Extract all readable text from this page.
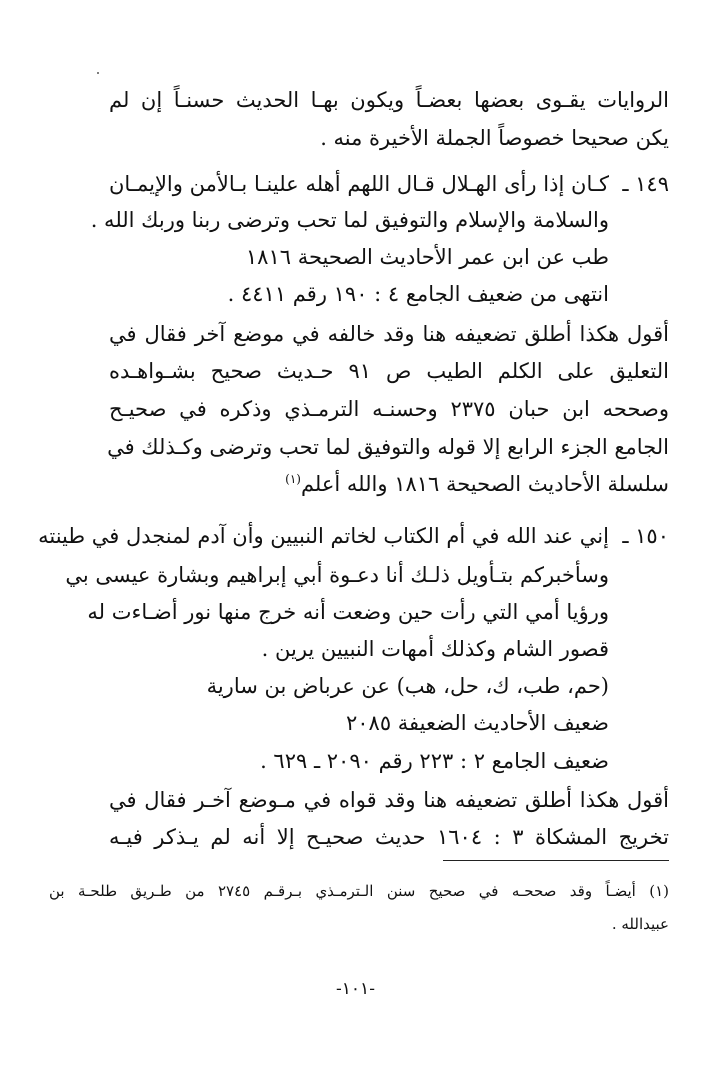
الروايات يقـوى بعضها بعضـاً ويكون بهـا الحديث حسنـاً إن لم
يكن صحيحا خصوصاً الجملة الأخيرة منه .
١٤٩ ـ
كـان إذا رأى الهـلال قـال اللهم أهله علينـا بـالأمن والإيمـان
والسلامة والإسلام والتوفيق لما تحب وترضى ربنا وربك الله .
طب عن ابن عمر الأحاديث الصحيحة ١٨١٦
انتهى من ضعيف الجامع ٤ : ١٩٠ رقم ٤٤١١ .
أقول هكذا أطلق تضعيفه هنا وقد خالفه في موضع آخر فقال في
التعليق على الكلم الطيب ص ٩١ حـديث صحيح بشـواهـده
وصححه ابن حبان ٢٣٧٥ وحسنـه الترمـذي وذكره في صحيـح
الجامع الجزء الرابع إلا قوله والتوفيق لما تحب وترضى وكـذلك في
سلسلة الأحاديث الصحيحة ١٨١٦ والله أعلم$^{(١)}$
١٥٠ ـ
إني عند الله في أم الكتاب لخاتم النبيين وأن آدم لمنجدل في طينته
وسأخبركم بتـأويل ذلـك أنا دعـوة أبي إبراهيم وبشارة عيسى بي
ورؤيا أمي التي رأت حين وضعت أنه خرج منها نور أضـاءت له
قصور الشام وكذلك أمهات النبيين يرين .
(حم، طب، ك، حل، هب) عن عرباض بن سارية
ضعيف الأحاديث الضعيفة ٢٠٨٥
ضعيف الجامع ٢ : ٢٢٣ رقم ٢٠٩٠ ـ ٦٢٩ .
أقول هكذا أطلق تضعيفه هنا وقد قواه في مـوضع آخـر فقال في
تخريج المشكاة ٣ : ١٦٠٤ حديث صحيـح إلا أنه لم يـذكر فيـه
(١) أيضـاً وقد صححـه في صحيح سنن الـترمـذي بـرقـم ٢٧٤٥ من طـريق طلحـة بن
عبيدالله .
-١٠١-
